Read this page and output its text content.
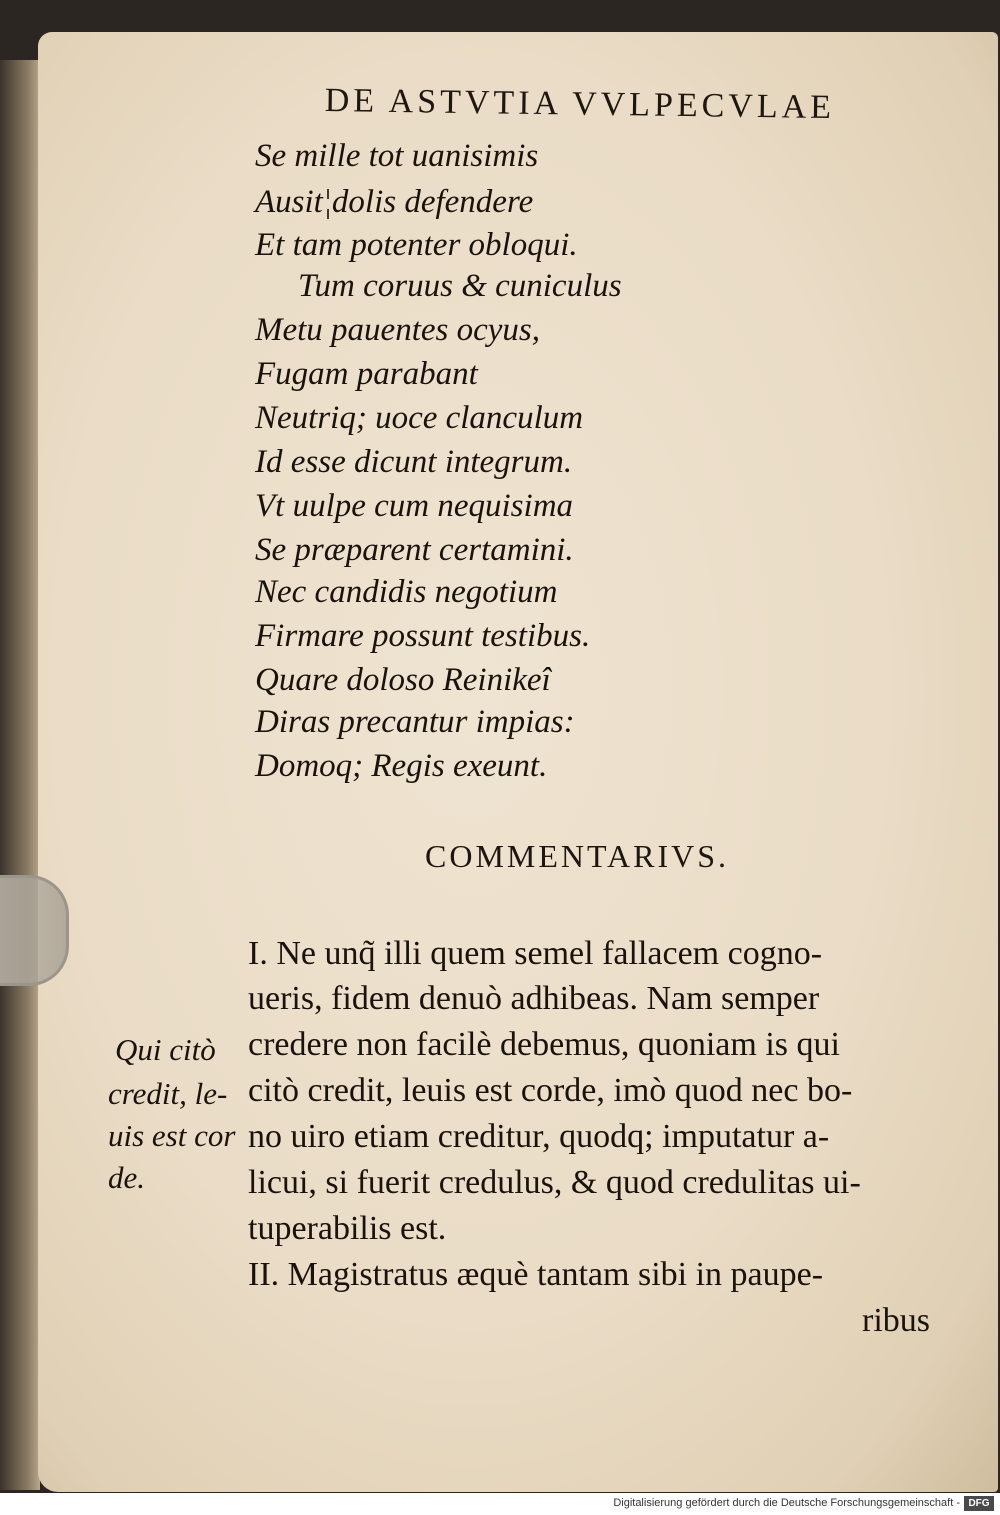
DE ASTVTIA VVLPECVLAE
Se mille tot uanisimis
Ausit¦dolis defendere
Et tam potenter obloqui.
Tum coruus & cuniculus
Metu pauentes ocyus,
Fugam parabant
Neutriq; uoce clanculum
Id esse dicunt integrum.
Vt uulpe cum nequisima
Se præparent certamini.
Nec candidis negotium
Firmare possunt testibus.
Quare doloso Reinikeî
Diras precantur impias:
Domoq; Regis exeunt.
COMMENTARIVS.
I. Ne unq̃ illi quem semel fallacem cogno-
ueris, fidem denuò adhibeas. Nam semper
credere non facilè debemus, quoniam is qui
citò credit, leuis est corde, imò quod nec bo-
no uiro etiam creditur, quodq; imputatur a-
licui, si fuerit credulus, & quod credulitas ui-
tuperabilis est.
II. Magistratus æquè tantam sibi in paupe-
ribus
Qui citò
credit, le-
uis est cor
de.
Digitalisierung gefördert durch die Deutsche Forschungsgemeinschaft - DFG
